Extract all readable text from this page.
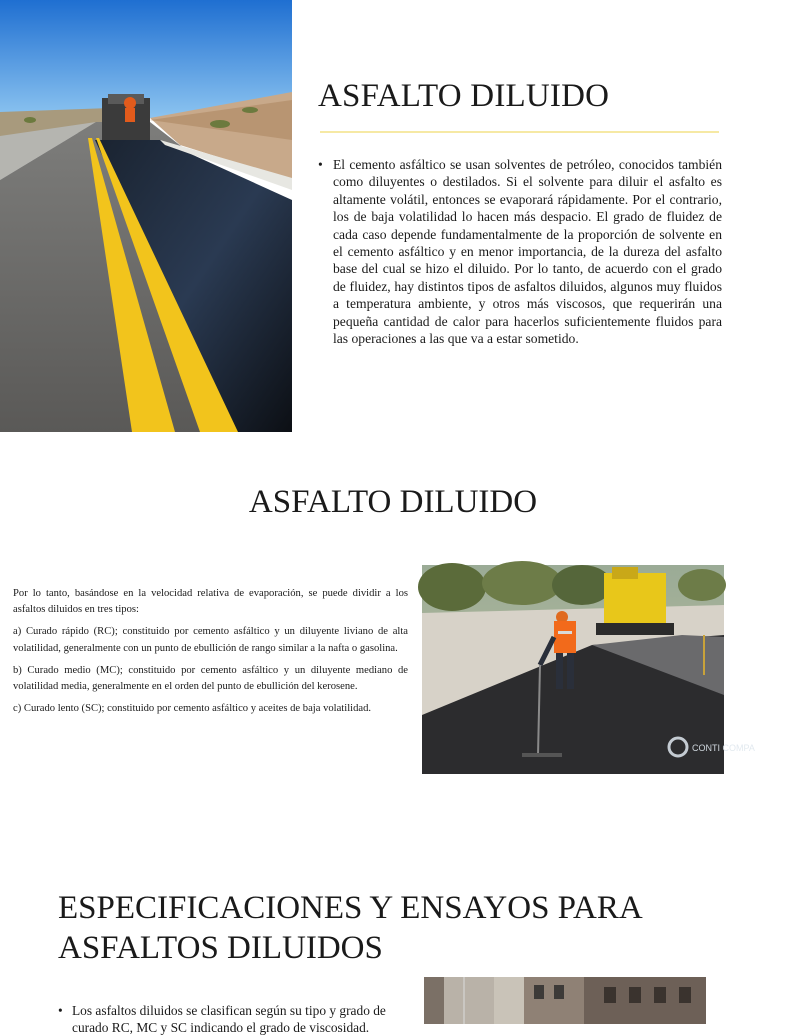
ASFALTO DILUIDO
• El cemento asfáltico se usan solventes de petróleo, conocidos también como diluyentes o destilados. Si el solvente para diluir el asfalto es altamente volátil, entonces se evaporará rápidamente. Por el contrario, los de baja volatilidad lo hacen más despacio. El grado de fluidez de cada caso depende fundamentalmente de la proporción de solvente en el cemento asfáltico y en menor importancia, de la dureza del asfalto base del cual se hizo el diluido. Por lo tanto, de acuerdo con el grado de fluidez, hay distintos tipos de asfaltos diluidos, algunos muy fluidos a temperatura ambiente, y otros más viscosos, que requerirán una pequeña cantidad de calor para hacerlos suficientemente fluidos para las operaciones a las que va a estar sometido.
ASFALTO DILUIDO

Por lo tanto, basándose en la velocidad relativa de evaporación, se puede dividir a los asfaltos diluidos en tres tipos:

a) Curado rápido (RC); constituido por cemento asfáltico y un diluyente liviano de alta volatilidad, generalmente con un punto de ebullición de rango similar a la nafta o gasolina.

b) Curado medio (MC); constituido por cemento asfáltico y un diluyente mediano de volatilidad media, generalmente en el orden del punto de ebullición del kerosene.

c) Curado lento (SC); constituido por cemento asfáltico y aceites de baja volatilidad.

CONTI COMPA
ESPECIFICACIONES Y ENSAYOS PARA ASFALTOS DILUIDOS
• Los asfaltos diluidos se clasifican según su tipo y grado de curado RC, MC y SC indicando el grado de viscosidad.
